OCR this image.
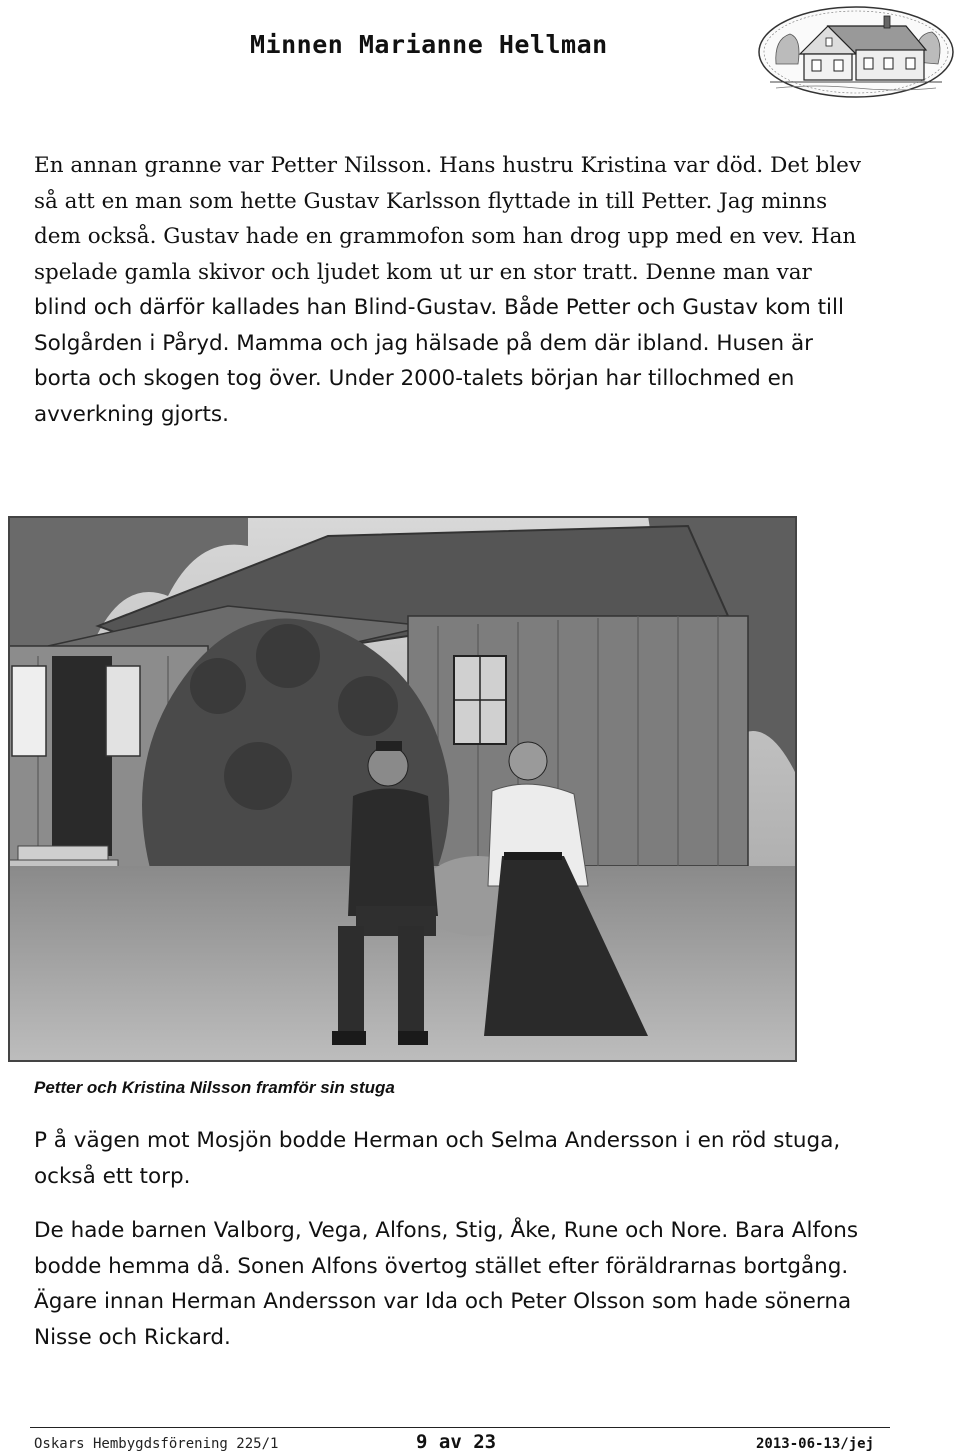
Minnen Marianne Hellman
En annan granne var Petter Nilsson. Hans hustru Kristina var död. Det blev
så att en man som hette Gustav Karlsson flyttade in till Petter. Jag minns
dem också. Gustav hade en grammofon som han drog upp med en vev. Han
spelade gamla skivor och ljudet kom ut ur en stor tratt. Denne man var
blind och därför kallades han Blind-Gustav. Både Petter och Gustav kom till
Solgården i Påryd. Mamma och jag hälsade på dem där ibland. Husen är
borta och skogen tog över. Under 2000-talets början har tillochmed en
avverkning gjorts.
Petter och Kristina Nilsson framför sin stuga
P å vägen mot Mosjön bodde Herman och Selma Andersson i en röd stuga,
också ett torp.
De hade barnen Valborg, Vega, Alfons, Stig, Åke, Rune och Nore. Bara Alfons
bodde hemma då. Sonen Alfons övertog stället efter föräldrarnas bortgång.
Ägare innan Herman Andersson var Ida och Peter Olsson som hade sönerna
Nisse och Rickard.
Oskars Hembygdsförening 225/1	9 av 23	2013-06-13/jej
